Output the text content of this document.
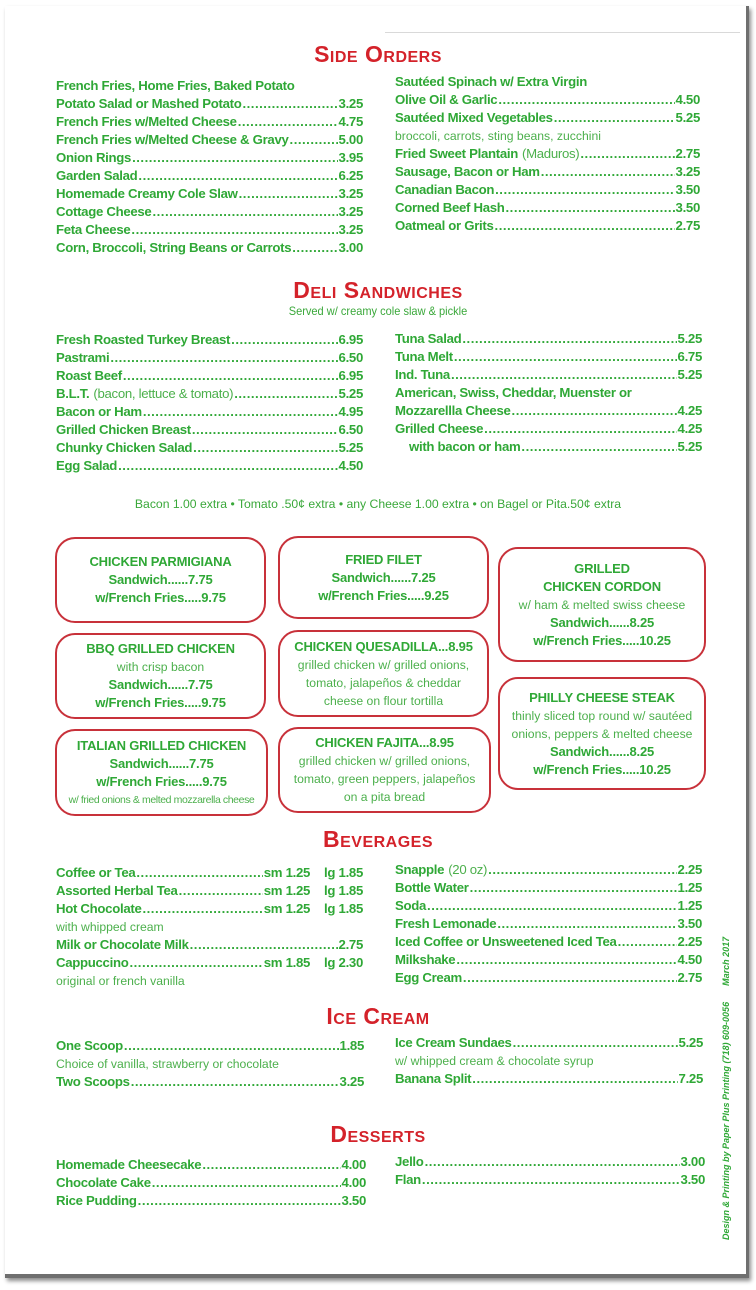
Side Orders
French Fries, Home Fries, Baked Potato
Potato Salad or Mashed Potato .....	3.25
French Fries w/Melted Cheese .....	4.75
French Fries w/Melted Cheese & Gravy .....	5.00
Onion Rings .....	3.95
Garden Salad .....	6.25
Homemade Creamy Cole Slaw .....	3.25
Cottage Cheese .....	3.25
Feta Cheese .....	3.25
Corn, Broccoli, String Beans or Carrots .....	3.00
Sautéed Spinach w/ Extra Virgin
Olive Oil & Garlic .....	4.50
Sautéed Mixed Vegetables .....	5.25
broccoli, carrots, sting beans, zucchini
Fried Sweet Plantain (Maduros) .....	2.75
Sausage, Bacon or Ham .....	3.25
Canadian Bacon .....	3.50
Corned Beef Hash .....	3.50
Oatmeal or Grits .....	2.75
Deli Sandwiches
Served w/ creamy cole slaw & pickle
Fresh Roasted Turkey Breast .....	6.95
Pastrami .....	6.50
Roast Beef .....	6.95
B.L.T. (bacon, lettuce & tomato) .....	5.25
Bacon or Ham .....	4.95
Grilled Chicken Breast .....	6.50
Chunky Chicken Salad .....	5.25
Egg Salad .....	4.50
Tuna Salad .....	5.25
Tuna Melt .....	6.75
Ind. Tuna .....	5.25
American, Swiss, Cheddar, Muenster or
Mozzarellla Cheese .....	4.25
Grilled Cheese .....	4.25
with bacon or ham .....	5.25
Bacon 1.00 extra • Tomato .50¢ extra • any Cheese 1.00 extra • on Bagel or Pita.50¢ extra
CHICKEN PARMIGIANA
Sandwich......7.75
w/French Fries.....9.75
FRIED FILET
Sandwich......7.25
w/French Fries.....9.25
GRILLED
CHICKEN CORDON
w/ ham & melted swiss cheese
Sandwich......8.25
w/French Fries.....10.25
BBQ GRILLED CHICKEN
with crisp bacon
Sandwich......7.75
w/French Fries.....9.75
CHICKEN QUESADILLA...8.95
grilled chicken w/ grilled onions,
tomato, jalapeños & cheddar
cheese on flour tortilla	PHILLY CHEESE STEAK
thinly sliced top round w/ sautéed
onions, peppers & melted cheese
Sandwich......8.25
w/French Fries.....10.25
ITALIAN GRILLED CHICKEN
Sandwich......7.75
w/French Fries.....9.75
w/ fried onions & melted mozzarella cheese
CHICKEN FAJITA...8.95
grilled chicken w/ grilled onions,
tomato, green peppers, jalapeños
on a pita bread
Beverages
Coffee or Tea .....	sm 1.25 lg 1.85
Assorted Herbal Tea .....	sm 1.25 lg 1.85
Hot Chocolate .....	sm 1.25 lg 1.85
with whipped cream
Milk or Chocolate Milk .....	2.75
Cappuccino .....	sm 1.85 lg 2.30
original or french vanilla
Snapple (20 oz) .....	2.25
Bottle Water .....	1.25
Soda .....	1.25
Fresh Lemonade .....	3.50
Iced Coffee or Unsweetened Iced Tea .....	2.25
Milkshake .....	4.50
Egg Cream .....	2.75
Ice Cream
One Scoop .....	1.85
Choice of vanilla, strawberry or chocolate
Two Scoops .....	3.25
Ice Cream Sundaes .....	5.25
w/ whipped cream & chocolate syrup
Banana Split .....	7.25
Desserts
Homemade Cheesecake .....	4.00
Chocolate Cake .....	4.00
Rice Pudding .....	3.50
Jello .....	3.00
Flan .....	3.50 Design & Printing by Paper Plus Printing (718) 609-0056March 2017
